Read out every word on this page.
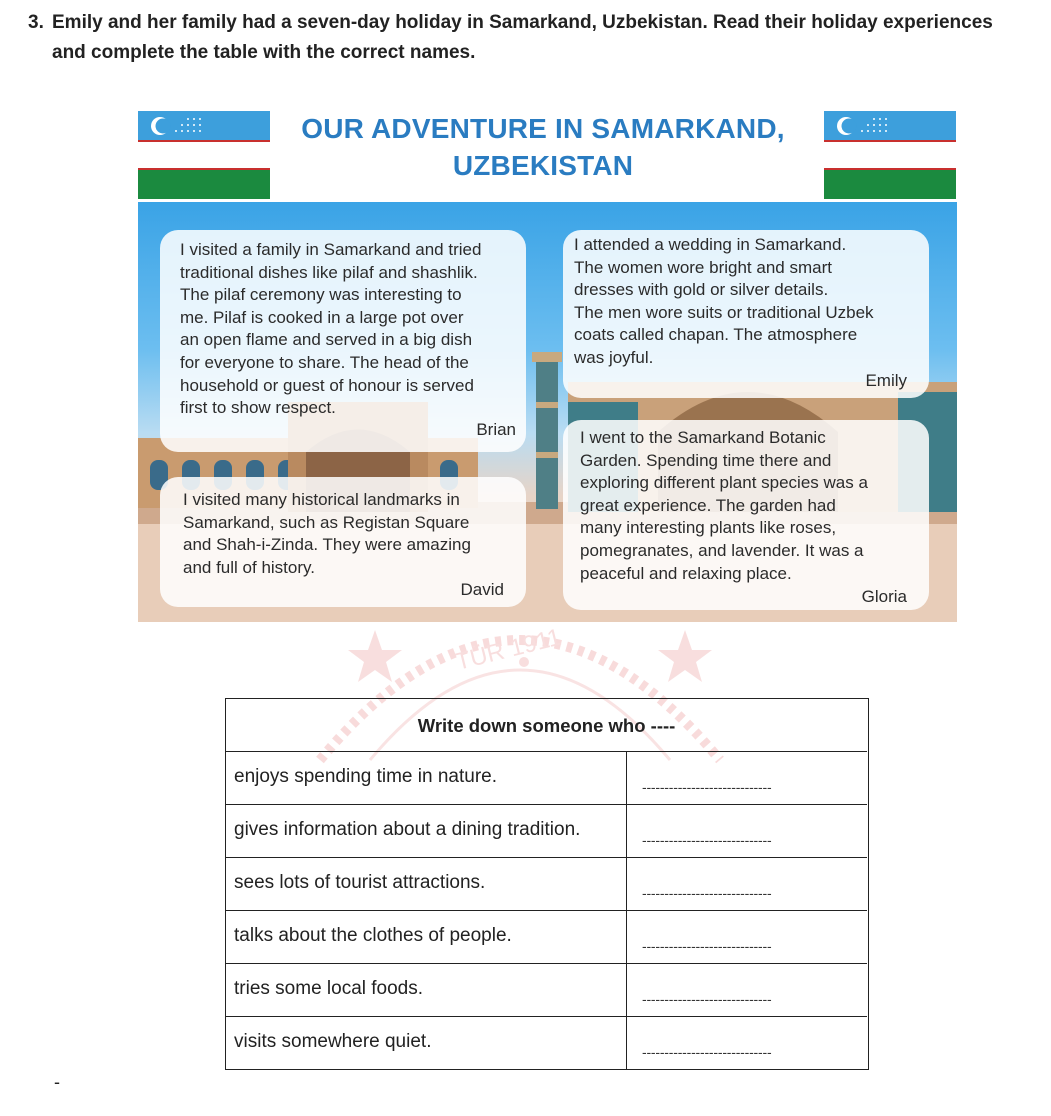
3. Emily and her family had a seven-day holiday in Samarkand, Uzbekistan. Read their holiday experiences and complete the table with the correct names.
OUR ADVENTURE IN SAMARKAND,
UZBEKISTAN
I visited a family in Samarkand and tried
traditional dishes like pilaf and shashlik.
The pilaf ceremony was interesting to
me. Pilaf is cooked in a large pot over
an open flame and served in a big dish
for everyone to share. The head of the
household or guest of honour is served
first to show respect.
Brian
I attended a wedding in Samarkand.
The women wore bright and smart
dresses with gold or silver details.
The men wore suits or traditional Uzbek
coats called chapan. The atmosphere
was joyful.
Emily
I visited many historical landmarks in
Samarkand, such as Registan Square
and Shah-i-Zinda. They were amazing
and full of history.
David
I went to the Samarkand Botanic
Garden. Spending time there and
exploring different plant species was a
great experience. The garden had
many interesting plants like roses,
pomegranates, and lavender. It was a
peaceful and relaxing place.
Gloria
TÜR 1911
Write down someone who ----
enjoys spending time in nature.	-----------------------------
gives information about a dining tradition.	-----------------------------
sees lots of tourist attractions.	-----------------------------
talks about the clothes of people.	-----------------------------
tries some local foods.	-----------------------------
visits somewhere quiet.	-----------------------------
-
